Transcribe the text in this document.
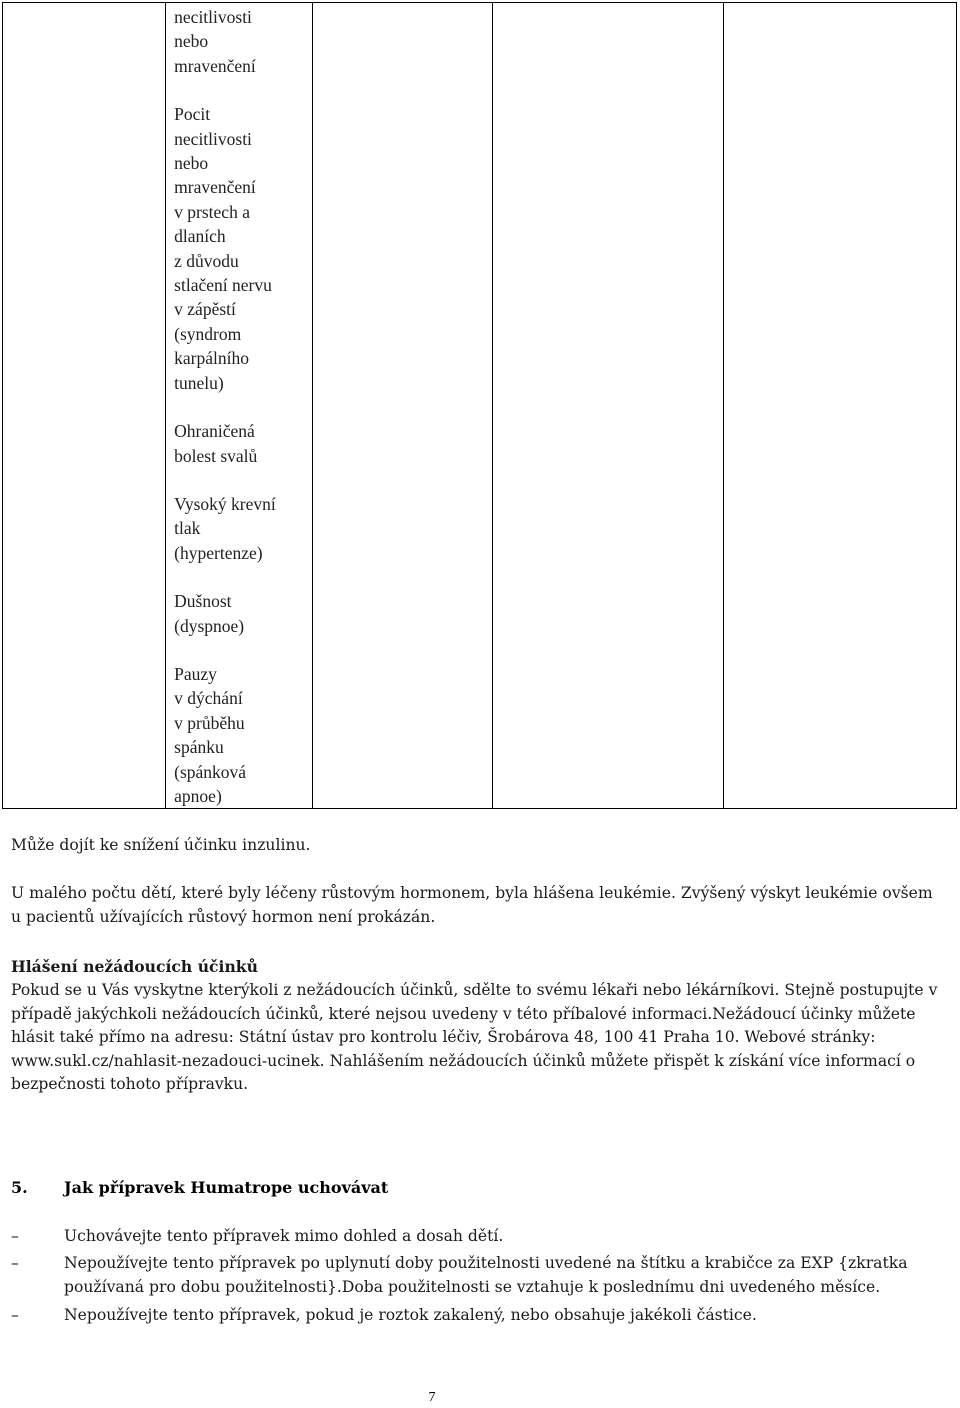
necitlivosti
nebo
mravenčení

Pocit
necitlivosti
nebo
mravenčení
v prstech a
dlaních
z důvodu
stlačení nervu
v zápěstí
(syndrom
karpálního
tunelu)

Ohraničená
bolest svalů

Vysoký krevní
tlak
(hypertenze)

Dušnost
(dyspnoe)

Pauzy
v dýchání
v průběhu
spánku
(spánková
apnoe)

Může dojít ke snížení účinku inzulinu.

U malého počtu dětí, které byly léčeny růstovým hormonem, byla hlášena leukémie. Zvýšený výskyt leukémie ovšem u pacientů užívajících růstový hormon není prokázán.

Hlášení nežádoucích účinků

Pokud se u Vás vyskytne kterýkoli z nežádoucích účinků, sdělte to svému lékaři nebo lékárníkovi. Stejně postupujte v případě jakýchkoli nežádoucích účinků, které nejsou uvedeny v této příbalové informaci.Nežádoucí účinky můžete hlásit také přímo na adresu: Státní ústav pro kontrolu léčiv, Šrobárova 48, 100 41 Praha 10. Webové stránky: www.sukl.cz/nahlasit-nezadouci-ucinek. Nahlášením nežádoucích účinků můžete přispět k získání více informací o bezpečnosti tohoto přípravku.

5. Jak přípravek Humatrope uchovávat
–	Uchovávejte tento přípravek mimo dohled a dosah dětí.
–	Nepoužívejte tento přípravek po uplynutí doby použitelnosti uvedené na štítku a krabičce za EXP {zkratka používaná pro dobu použitelnosti}.Doba použitelnosti se vztahuje k poslednímu dni uvedeného měsíce.
–	Nepoužívejte tento přípravek, pokud je roztok zakalený, nebo obsahuje jakékoli částice.
7
